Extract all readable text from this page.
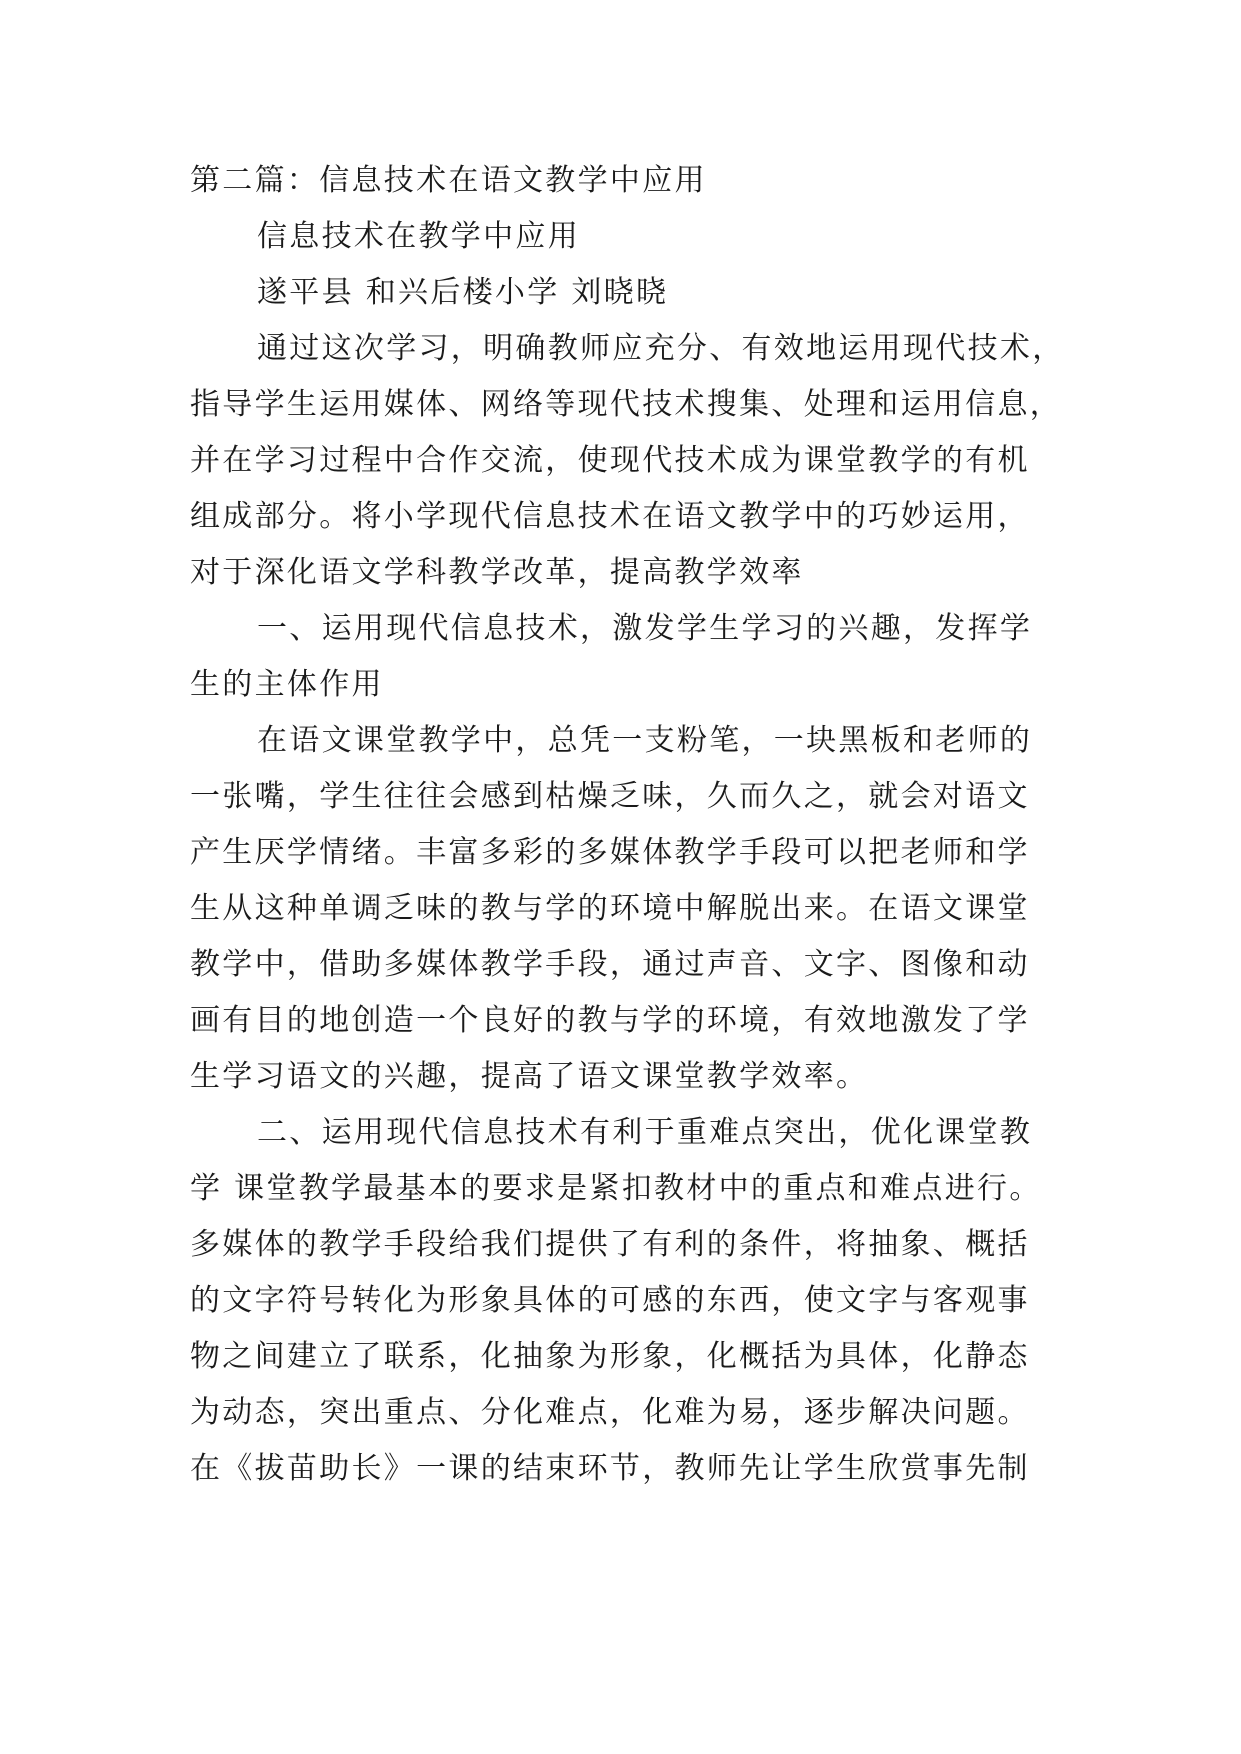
第二篇：信息技术在语文教学中应用
信息技术在教学中应用
遂平县 和兴后楼小学 刘晓晓
通过这次学习，明确教师应充分、有效地运用现代技术，
指导学生运用媒体、网络等现代技术搜集、处理和运用信息，
并在学习过程中合作交流，使现代技术成为课堂教学的有机
组成部分。将小学现代信息技术在语文教学中的巧妙运用，
对于深化语文学科教学改革，提高教学效率
一、运用现代信息技术，激发学生学习的兴趣，发挥学
生的主体作用
在语文课堂教学中，总凭一支粉笔，一块黑板和老师的
一张嘴，学生往往会感到枯燥乏味，久而久之，就会对语文
产生厌学情绪。丰富多彩的多媒体教学手段可以把老师和学
生从这种单调乏味的教与学的环境中解脱出来。在语文课堂
教学中，借助多媒体教学手段，通过声音、文字、图像和动
画有目的地创造一个良好的教与学的环境，有效地激发了学
生学习语文的兴趣，提高了语文课堂教学效率。
二、运用现代信息技术有利于重难点突出，优化课堂教
学 课堂教学最基本的要求是紧扣教材中的重点和难点进行。
多媒体的教学手段给我们提供了有利的条件，将抽象、概括
的文字符号转化为形象具体的可感的东西，使文字与客观事
物之间建立了联系，化抽象为形象，化概括为具体，化静态
为动态，突出重点、分化难点，化难为易，逐步解决问题。
在《拔苗助长》一课的结束环节，教师先让学生欣赏事先制
